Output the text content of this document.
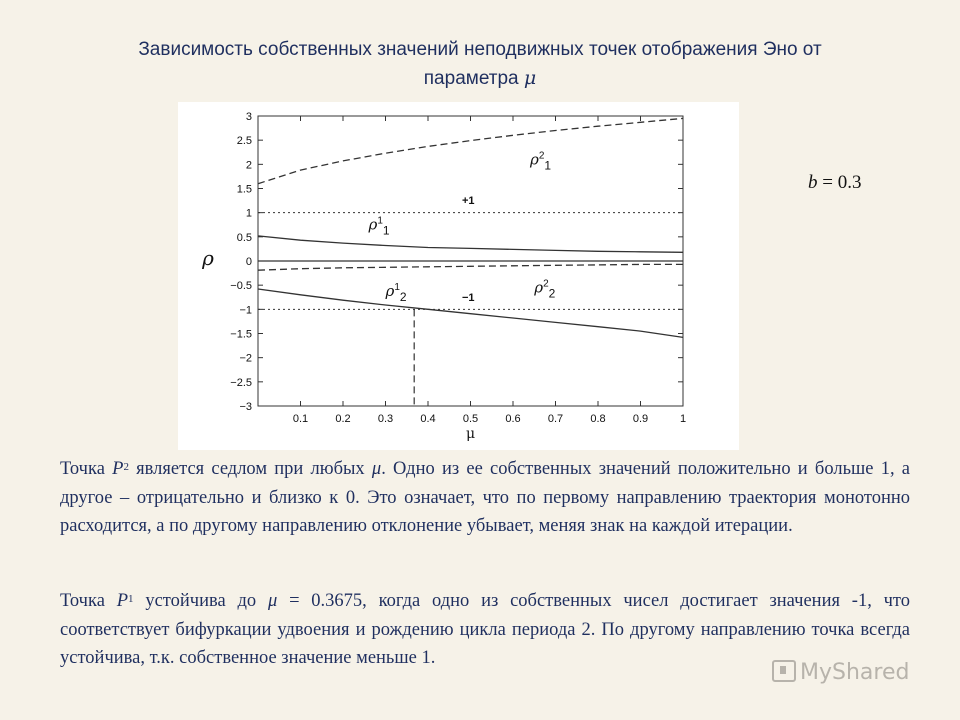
Зависимость собственных значений неподвижных точек отображения Эно от
параметра μ
3
2.5
2
1.5
1
0.5
0
−0.5
−1
−1.5
−2
−2.5
−3
0.1 0.2 0.3 0.4 0.5 0.6 0.7 0.8 0.9	1
μ
ρ
$\rho^2_1$
$\rho^1_1$
$\rho^1_2$
$\rho^2_2$
+1
−1
b = 0.3
Точка $P^2$ является седлом при любых μ. Одно из ее собственных значений положительно и больше 1, а другое – отрицательно и близко к 0. Это означает, что по первому направлению траектория монотонно расходится, а по другому направлению отклонение убывает, меняя знак на каждой итерации.
Точка $P^1$ устойчива до μ = 0.3675, когда одно из собственных чисел достигает значения -1, что соответствует бифуркации удвоения и рождению цикла периода 2. По другому направлению точка всегда устойчива, т.к. собственное значение меньше 1.
MyShared
